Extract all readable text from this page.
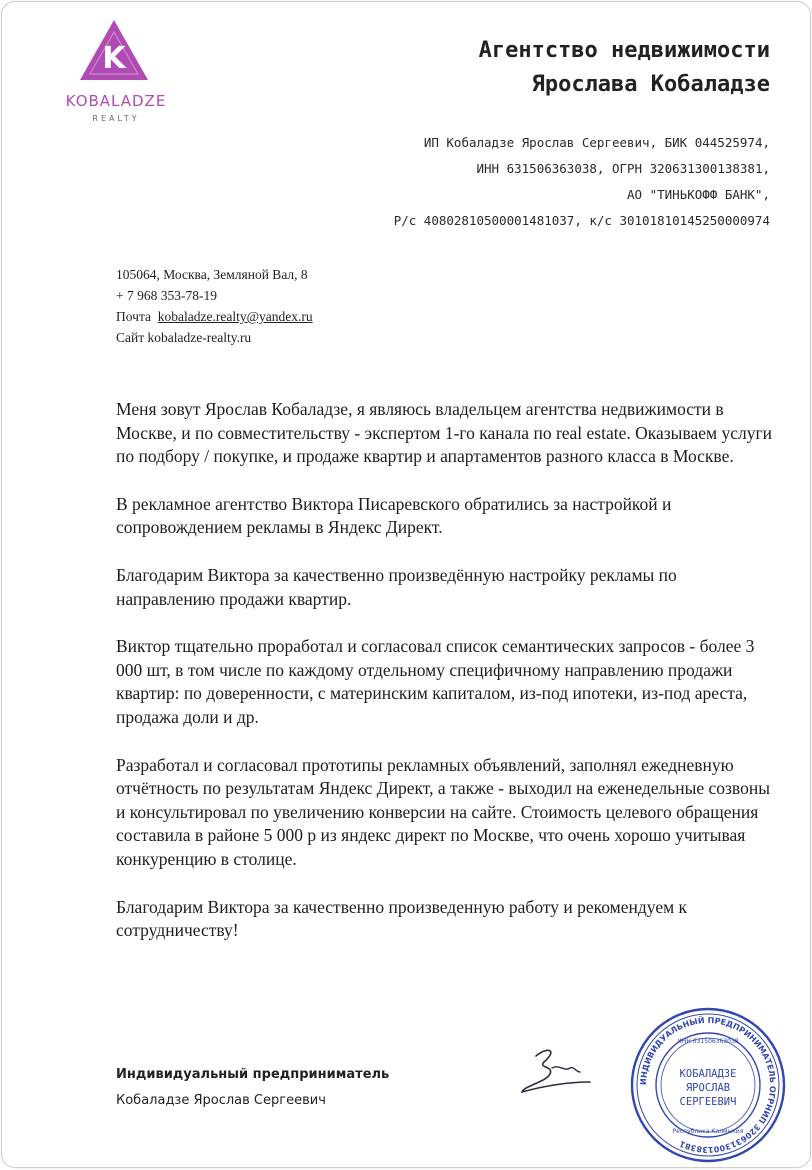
K
KOBALADZE
REALTY
Агентство недвижимости
Ярослава Кобаладзе
ИП Кобаладзе Ярослав Сергеевич, БИК 044525974,
ИНН 631506363038, ОГРН 320631300138381,
АО "ТИНЬКОФФ БАНК",
Р/с 40802810500001481037, к/с 30101810145250000974
105064, Москва, Земляной Вал, 8
+ 7 968 353-78-19
Почта kobaladze.realty@yandex.ru
Сайт kobaladze-realty.ru

Меня зовут Ярослав Кобаладзе, я являюсь владельцем агентства недвижимости в Москве, и по совместительству - экспертом 1-го канала по real estate. Оказываем услуги по подбору / покупке, и продаже квартир и апартаментов разного класса в Москве.

В рекламное агентство Виктора Писаревского обратились за настройкой и сопровождением рекламы в Яндекс Директ.

Благодарим Виктора за качественно произведённую настройку рекламы по направлению продажи квартир.

Виктор тщательно проработал и согласовал список семантических запросов - более 3 000 шт, в том числе по каждому отдельному специфичному направлению продажи квартир: по доверенности, с материнским капиталом, из-под ипотеки, из-под ареста, продажа доли и др.

Разработал и согласовал прототипы рекламных объявлений, заполнял ежедневную отчётность по результатам Яндекс Директ, а также - выходил на еженедельные созвоны и консультировал по увеличению конверсии на сайте. Стоимость целевого обращения составила в районе 5 000 р из яндекс директ по Москве, что очень хорошо учитывая конкуренцию в столице.

Благодарим Виктора за качественно произведенную работу и рекомендуем к сотрудничеству!

Индивидуальный предприниматель
Кобаладзе Ярослав Сергеевич
ИНДИВИДУАЛЬНЫЙ ПРЕДПРИНИМАТЕЛЬ ОГРНИП 320631300138381
ИНН 631506363038
КОБАЛАДЗЕ
ЯРОСЛАВ
СЕРГЕЕВИЧ
Республика Калмыкия
